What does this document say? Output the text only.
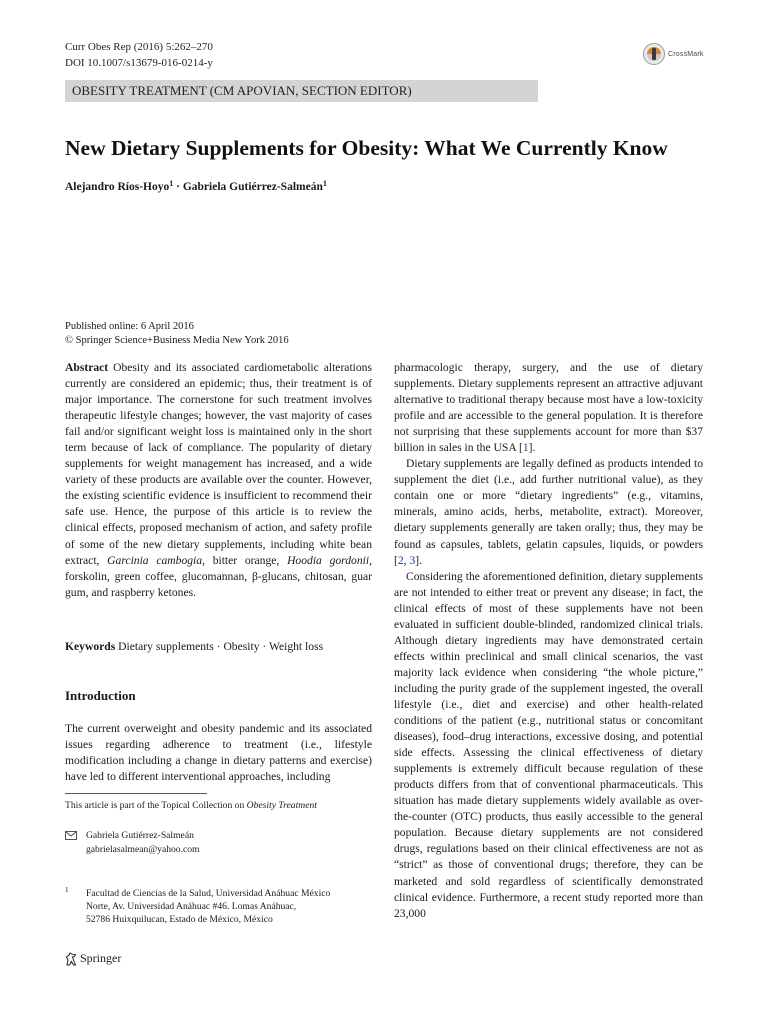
Curr Obes Rep (2016) 5:262–270
DOI 10.1007/s13679-016-0214-y
CrossMark
OBESITY TREATMENT (CM APOVIAN, SECTION EDITOR)
New Dietary Supplements for Obesity: What We Currently Know
Alejandro Ríos-Hoyo$^1$ · Gabriela Gutiérrez-Salmeán$^1$
Published online: 6 April 2016
© Springer Science+Business Media New York 2016

Abstract Obesity and its associated cardiometabolic alterations currently are considered an epidemic; thus, their treatment is of major importance. The cornerstone for such treatment involves therapeutic lifestyle changes; however, the vast majority of cases fail and/or significant weight loss is maintained only in the short term because of lack of compliance. The popularity of dietary supplements for weight management has increased, and a wide variety of these products are available over the counter. However, the existing scientific evidence is insufficient to recommend their safe use. Hence, the purpose of this article is to review the clinical effects, proposed mechanism of action, and safety profile of some of the new dietary supplements, including white bean extract, Garcinia cambogia, bitter orange, Hoodia gordonii, forskolin, green coffee, glucomannan, β-glucans, chitosan, guar gum, and raspberry ketones.

Keywords Dietary supplements · Obesity · Weight loss
Introduction
The current overweight and obesity pandemic and its associated issues regarding adherence to treatment (i.e., lifestyle modification including a change in dietary patterns and exercise) have led to different interventional approaches, including
This article is part of the Topical Collection on Obesity Treatment
Gabriela Gutiérrez-Salmeán
gabrielasalmean@yahoo.com
1 Facultad de Ciencias de la Salud, Universidad Anáhuac México
Norte, Av. Universidad Anáhuac #46. Lomas Anáhuac,
52786 Huixquilucan, Estado de México, México
Springer

pharmacologic therapy, surgery, and the use of dietary supplements. Dietary supplements represent an attractive adjuvant alternative to traditional therapy because most have a low-toxicity profile and are accessible to the general population. It is therefore not surprising that these supplements account for more than $37 billion in sales in the USA [1].

Dietary supplements are legally defined as products intended to supplement the diet (i.e., add further nutritional value), as they contain one or more “dietary ingredients” (e.g., vitamins, minerals, amino acids, herbs, metabolite, extract). Moreover, dietary supplements generally are taken orally; thus, they may be found as capsules, tablets, gelatin capsules, liquids, or powders [2, 3].

Considering the aforementioned definition, dietary supplements are not intended to either treat or prevent any disease; in fact, the clinical effects of most of these supplements have not been evaluated in sufficient double-blinded, randomized clinical trials. Although dietary ingredients may have demonstrated certain effects within preclinical and small clinical scenarios, the vast majority lack evidence when considering “the whole picture,” including the purity grade of the supplement ingested, the overall lifestyle (i.e., diet and exercise) and other health-related conditions of the patient (e.g., nutritional status or concomitant diseases), food–drug interactions, excessive dosing, and potential side effects. Assessing the clinical effectiveness of dietary supplements is extremely difficult because regulation of these products differs from that of conventional pharmaceuticals. This situation has made dietary supplements widely available as over-the-counter (OTC) products, thus easily accessible to the general population. Because dietary supplements are not considered drugs, regulations based on their clinical effectiveness are not as “strict” as those of conventional drugs; therefore, they can be marketed and sold regardless of scientifically demonstrated clinical evidence. Furthermore, a recent study reported more than 23,000
